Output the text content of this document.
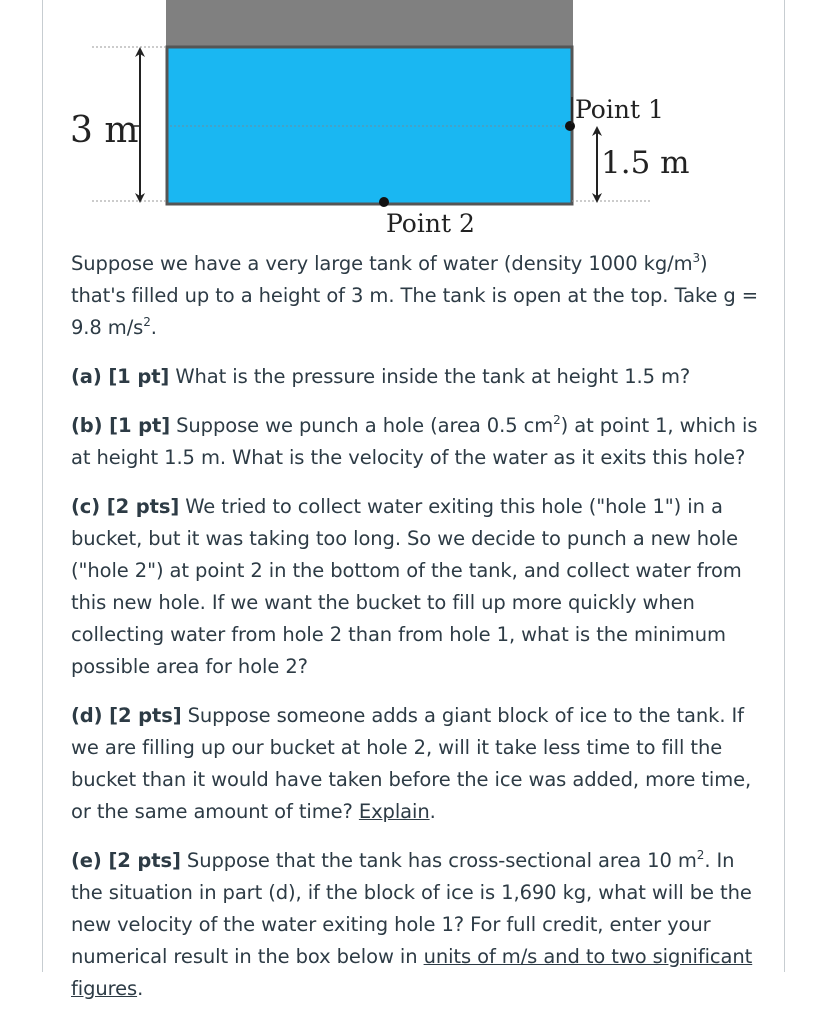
3 m
1.5 m
Point 1
Point 2

Suppose we have a very large tank of water (density 1000 $kg/m^3$) that's filled up to a height of 3 m. The tank is open at the top. Take g = 9.8 $m/s^2$.

(a) [1 pt] What is the pressure inside the tank at height 1.5 m?

(b) [1 pt] Suppose we punch a hole (area 0.5 $cm^2$) at point 1, which is at height 1.5 m. What is the velocity of the water as it exits this hole?

(c) [2 pts] We tried to collect water exiting this hole ("hole 1") in a bucket, but it was taking too long. So we decide to punch a new hole ("hole 2") at point 2 in the bottom of the tank, and collect water from this new hole. If we want the bucket to fill up more quickly when collecting water from hole 2 than from hole 1, what is the minimum possible area for hole 2?

(d) [2 pts] Suppose someone adds a giant block of ice to the tank. If we are filling up our bucket at hole 2, will it take less time to fill the bucket than it would have taken before the ice was added, more time, or the same amount of time? Explain.

(e) [2 pts] Suppose that the tank has cross-sectional area 10 $m^2$. In the situation in part (d), if the block of ice is 1,690 kg, what will be the new velocity of the water exiting hole 1? For full credit, enter your numerical result in the box below in units of m/s and to two significant figures.
